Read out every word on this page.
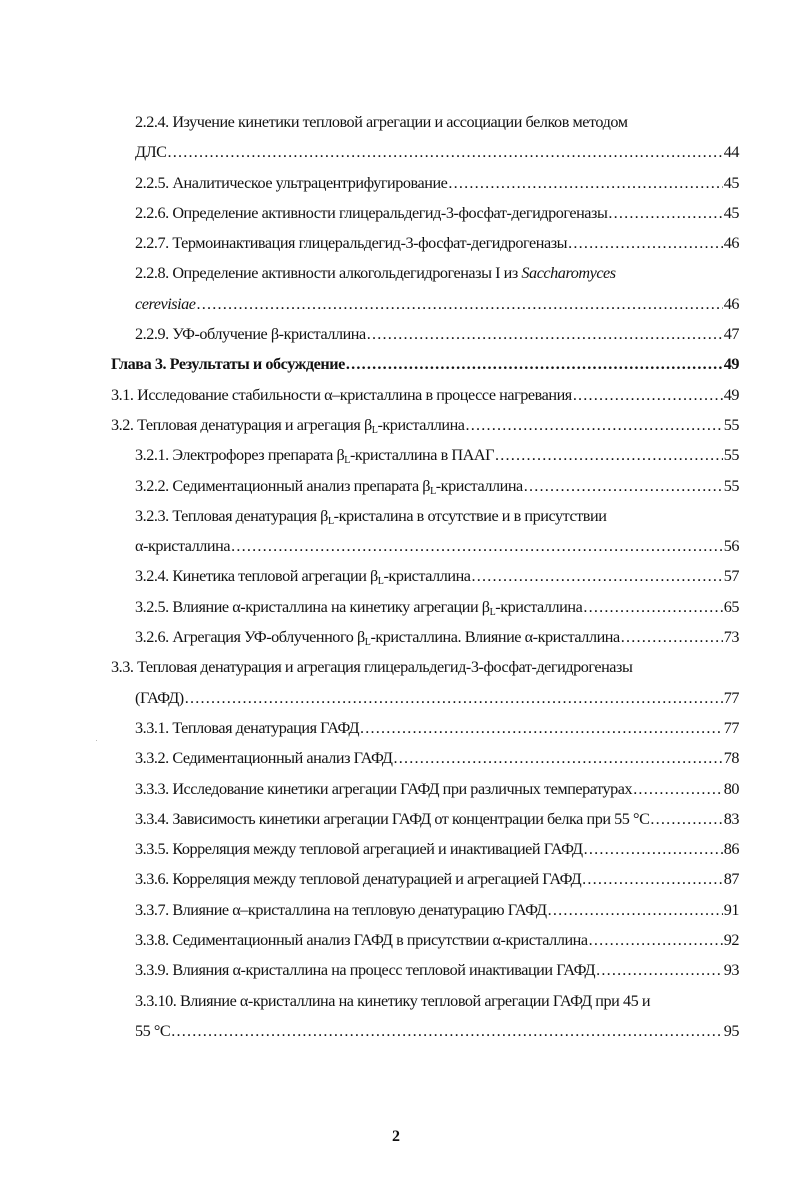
2.2.4. Изучение кинетики тепловой агрегации и ассоциации белков методом
ДЛС .....	44
2.2.5. Аналитическое ультрацентрифугирование .....	45
2.2.6. Определение активности глицеральдегид-3-фосфат-дегидрогеназы .....	45
2.2.7. Термоинактивация глицеральдегид-3-фосфат-дегидрогеназы .....	46
2.2.8. Определение активности алкогольдегидрогеназы I из Saccharomyces
cerevisiae .....	46
2.2.9. УФ-облучение β-кристаллина .....	47
Глава 3. Результаты и обсуждение .....	49
3.1. Исследование стабильности α–кристаллина в процессе нагревания .....	49
3.2. Тепловая денатурация и агрегация $\beta_L$-кристаллина .....	55
3.2.1. Электрофорез препарата $\beta_L$-кристаллина в ПААГ .....	55
3.2.2. Седиментационный анализ препарата $\beta_L$-кристаллина .....	55
3.2.3. Тепловая денатурация $\beta_L$-кристалина в отсутствие и в присутствии
α-кристаллина .....	56
3.2.4. Кинетика тепловой агрегации $\beta_L$-кристаллина .....	57
3.2.5. Влияние α-кристаллина на кинетику агрегации $\beta_L$-кристаллина .....	65
3.2.6. Агрегация УФ-облученного $\beta_L$-кристаллина. Влияние α-кристаллина .....	73
3.3. Тепловая денатурация и агрегация глицеральдегид-3-фосфат-дегидрогеназы
(ГАФД) .....	77
3.3.1. Тепловая денатурация ГАФД .....	77
3.3.2. Седиментационный анализ ГАФД .....	78
3.3.3. Исследование кинетики агрегации ГАФД при различных температурах .....	80
3.3.4. Зависимость кинетики агрегации ГАФД от концентрации белка при 55 °С .....	83
3.3.5. Корреляция между тепловой агрегацией и инактивацией ГАФД .....	86
3.3.6. Корреляция между тепловой денатурацией и агрегацией ГАФД .....	87
3.3.7. Влияние α–кристаллина на тепловую денатурацию ГАФД .....	91
3.3.8. Седиментационный анализ ГАФД в присутствии α-кристаллина .....	92
3.3.9. Влияния α-кристаллина на процесс тепловой инактивации ГАФД .....	93
3.3.10. Влияние α-кристаллина на кинетику тепловой агрегации ГАФД при 45 и
55 °С .....	95
2
